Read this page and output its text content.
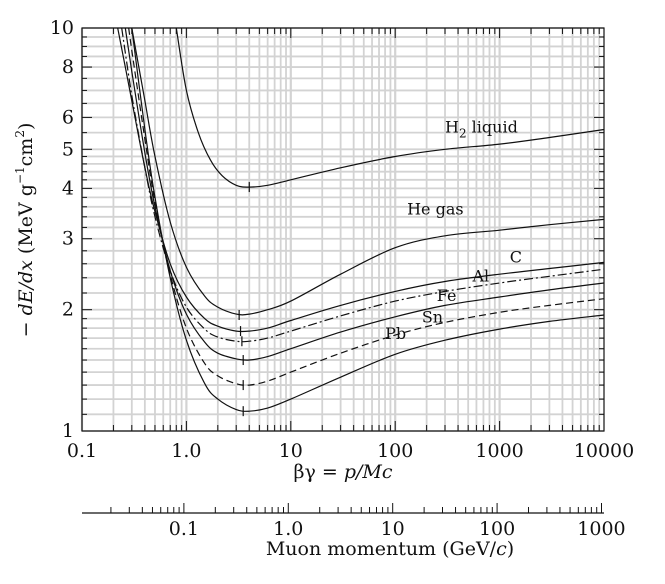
$H_2$ liquid
He gas
C
Al
Fe
Sn
Pb
0.1	1.0	10	100	1000	10000
1
2
3
4
5
6
8
10
βγ = p/Mc
− dE/dx (MeV $g^{-1}cm^2$)
0.1	1.0	10	100	1000
Muon momentum (GeV/c)
